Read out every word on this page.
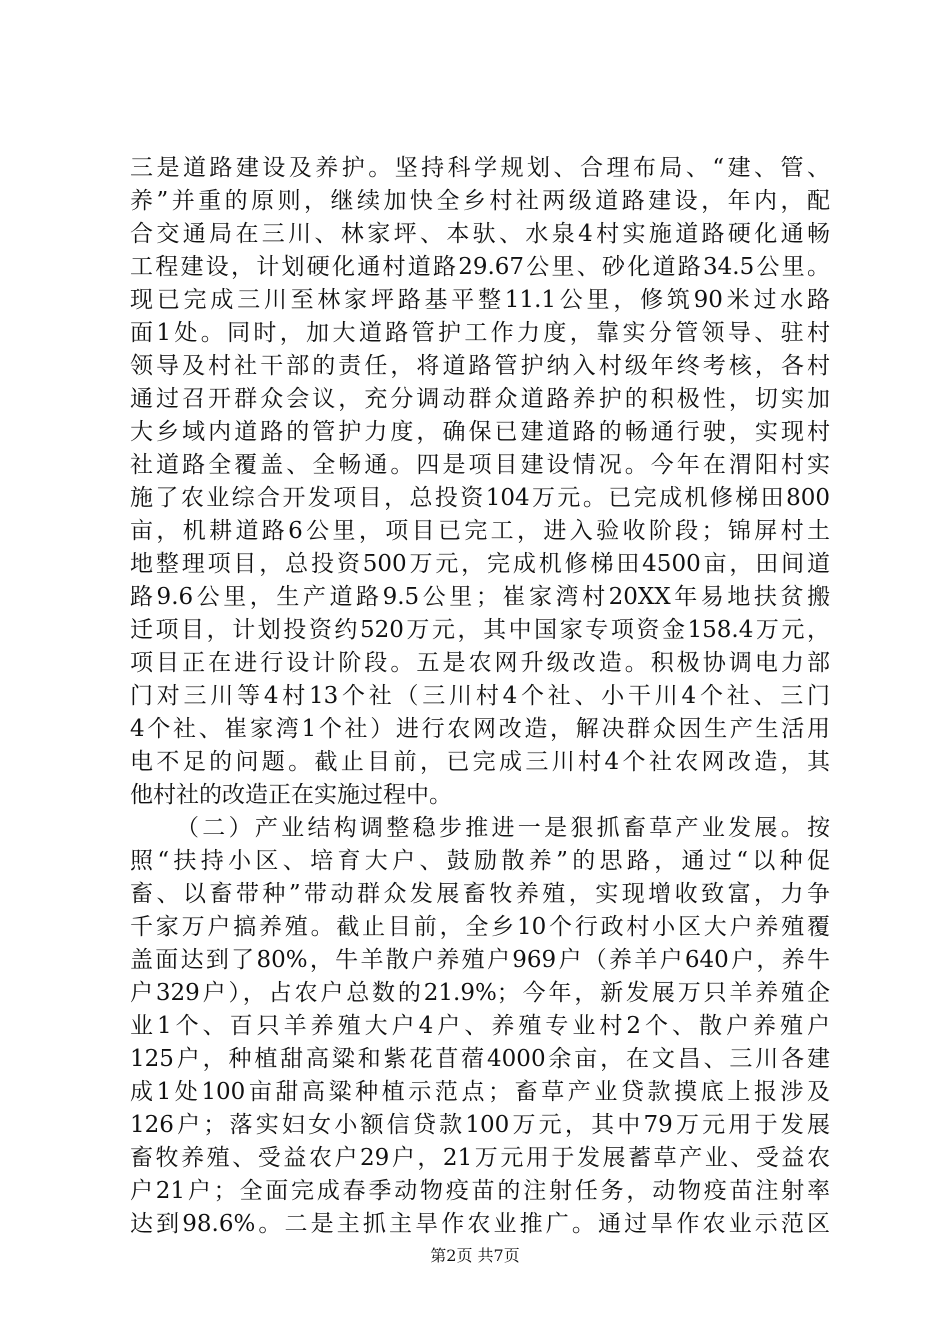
三是道路建设及养护。坚持科学规划、合理布局、“建、管、
养”并重的原则，继续加快全乡村社两级道路建设，年内，配
合交通局在三川、林家坪、本驮、水泉4村实施道路硬化通畅
工程建设，计划硬化通村道路29.67公里、砂化道路34.5公里。
现已完成三川至林家坪路基平整11.1公里，修筑90米过水路
面1处。同时，加大道路管护工作力度，靠实分管领导、驻村
领导及村社干部的责任，将道路管护纳入村级年终考核，各村
通过召开群众会议，充分调动群众道路养护的积极性，切实加
大乡域内道路的管护力度，确保已建道路的畅通行驶，实现村
社道路全覆盖、全畅通。四是项目建设情况。今年在渭阳村实
施了农业综合开发项目，总投资104万元。已完成机修梯田800
亩，机耕道路6公里，项目已完工，进入验收阶段；锦屏村土
地整理项目，总投资500万元，完成机修梯田4500亩，田间道
路9.6公里，生产道路9.5公里；崔家湾村20XX年易地扶贫搬
迁项目，计划投资约520万元，其中国家专项资金158.4万元，
项目正在进行设计阶段。五是农网升级改造。积极协调电力部
门对三川等4村13个社（三川村4个社、小干川4个社、三门
4个社、崔家湾1个社）进行农网改造，解决群众因生产生活用
电不足的问题。截止目前，已完成三川村4个社农网改造，其
他村社的改造正在实施过程中。
（二）产业结构调整稳步推进一是狠抓畜草产业发展。按
照“扶持小区、培育大户、鼓励散养”的思路，通过“以种促
畜、以畜带种”带动群众发展畜牧养殖，实现增收致富，力争
千家万户搞养殖。截止目前，全乡10个行政村小区大户养殖覆
盖面达到了80%，牛羊散户养殖户969户（养羊户640户，养牛
户329户），占农户总数的21.9%；今年，新发展万只羊养殖企
业1个、百只羊养殖大户4户、养殖专业村2个、散户养殖户
125户，种植甜高粱和紫花苜蓿4000余亩，在文昌、三川各建
成1处100亩甜高粱种植示范点；畜草产业贷款摸底上报涉及
126户；落实妇女小额信贷款100万元，其中79万元用于发展
畜牧养殖、受益农户29户，21万元用于发展蓄草产业、受益农
户21户；全面完成春季动物疫苗的注射任务，动物疫苗注射率
达到98.6%。二是主抓主旱作农业推广。通过旱作农业示范区
第2页 共7页
